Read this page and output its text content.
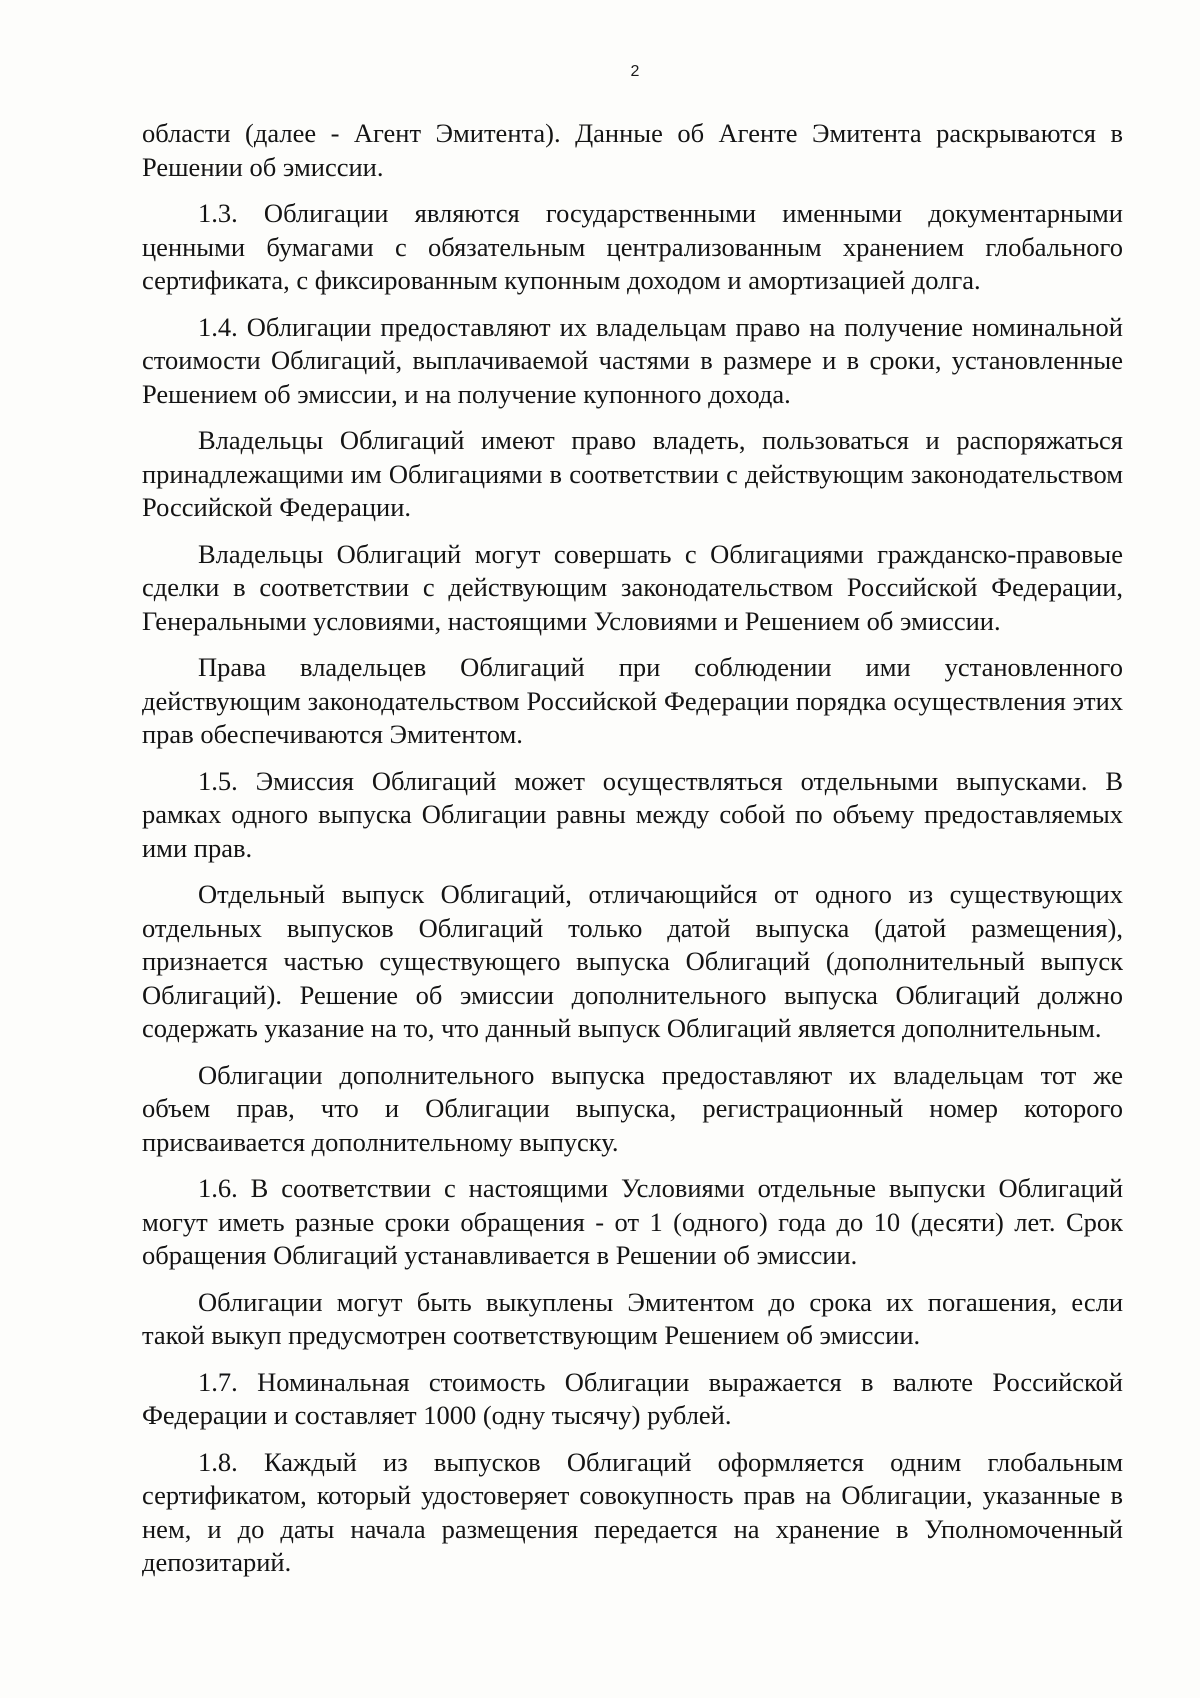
2

области (далее - Агент Эмитента). Данные об Агенте Эмитента раскрываются в Решении об эмиссии.

1.3. Облигации являются государственными именными документарными ценными бумагами с обязательным централизованным хранением глобального сертификата, с фиксированным купонным доходом и амортизацией долга.

1.4. Облигации предоставляют их владельцам право на получение номинальной стоимости Облигаций, выплачиваемой частями в размере и в сроки, установленные Решением об эмиссии, и на получение купонного дохода.

Владельцы Облигаций имеют право владеть, пользоваться и распоряжаться принадлежащими им Облигациями в соответствии с действующим законодательством Российской Федерации.

Владельцы Облигаций могут совершать с Облигациями гражданско-правовые сделки в соответствии с действующим законодательством Российской Федерации, Генеральными условиями, настоящими Условиями и Решением об эмиссии.

Права владельцев Облигаций при соблюдении ими установленного действующим законодательством Российской Федерации порядка осуществления этих прав обеспечиваются Эмитентом.

1.5. Эмиссия Облигаций может осуществляться отдельными выпусками. В рамках одного выпуска Облигации равны между собой по объему предоставляемых ими прав.

Отдельный выпуск Облигаций, отличающийся от одного из существующих отдельных выпусков Облигаций только датой выпуска (датой размещения), признается частью существующего выпуска Облигаций (дополнительный выпуск Облигаций). Решение об эмиссии дополнительного выпуска Облигаций должно содержать указание на то, что данный выпуск Облигаций является дополнительным.

Облигации дополнительного выпуска предоставляют их владельцам тот же объем прав, что и Облигации выпуска, регистрационный номер которого присваивается дополнительному выпуску.

1.6. В соответствии с настоящими Условиями отдельные выпуски Облигаций могут иметь разные сроки обращения - от 1 (одного) года до 10 (десяти) лет. Срок обращения Облигаций устанавливается в Решении об эмиссии.

Облигации могут быть выкуплены Эмитентом до срока их погашения, если такой выкуп предусмотрен соответствующим Решением об эмиссии.

1.7. Номинальная стоимость Облигации выражается в валюте Российской Федерации и составляет 1000 (одну тысячу) рублей.

1.8. Каждый из выпусков Облигаций оформляется одним глобальным сертификатом, который удостоверяет совокупность прав на Облигации, указанные в нем, и до даты начала размещения передается на хранение в Уполномоченный депозитарий.
